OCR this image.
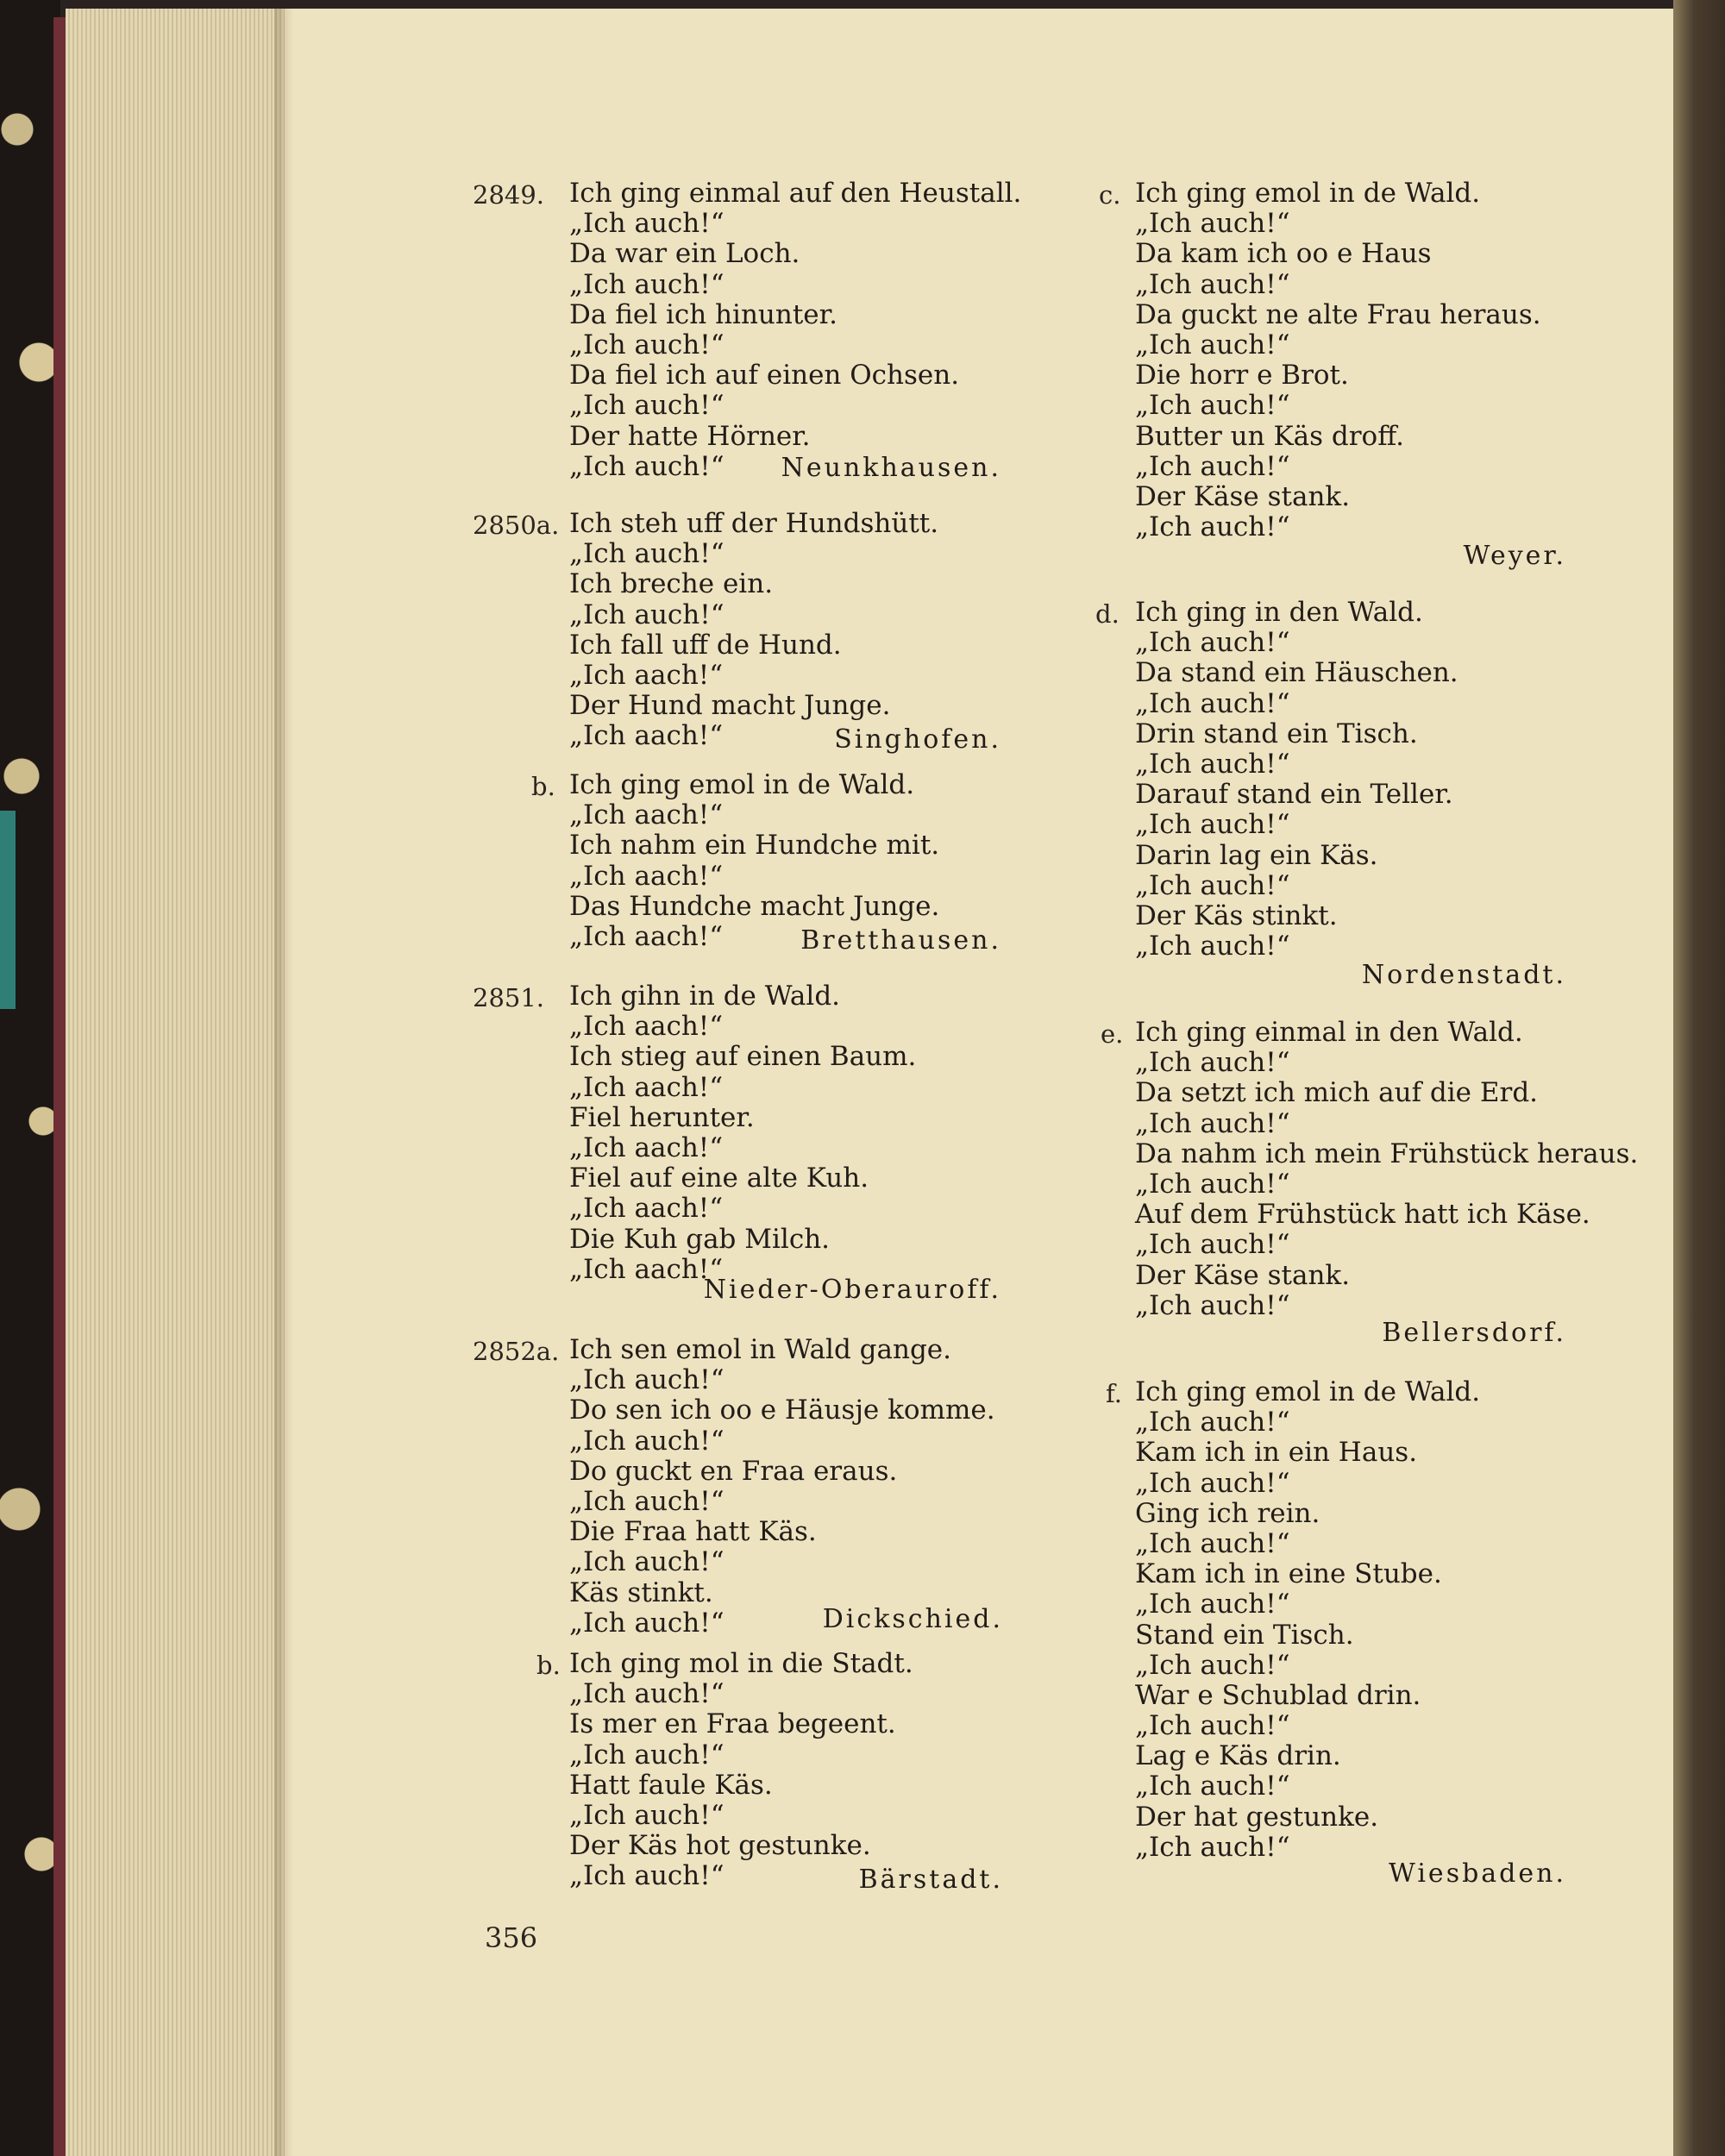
2849. Ich ging einmal auf den Heustall.
„Ich auch!“
Da war ein Loch.
„Ich auch!“
Da fiel ich hinunter.
„Ich auch!“
Da fiel ich auf einen Ochsen.
„Ich auch!“
Der hatte Hörner.
„Ich auch!“	Neunkhausen.
2850a. Ich steh uff der Hundshütt.
„Ich auch!“
Ich breche ein.
„Ich auch!“
Ich fall uff de Hund.
„Ich aach!“
Der Hund macht Junge.
„Ich aach!“	Singhofen.
b. Ich ging emol in de Wald.
„Ich aach!“
Ich nahm ein Hundche mit.
„Ich aach!“
Das Hundche macht Junge.
„Ich aach!“	Bretthausen.
2851. Ich gihn in de Wald.
„Ich aach!“
Ich stieg auf einen Baum.
„Ich aach!“
Fiel herunter.
„Ich aach!“
Fiel auf eine alte Kuh.
„Ich aach!“
Die Kuh gab Milch.
„Ich aach!“
Nieder-Oberauroff.
2852a. Ich sen emol in Wald gange.
„Ich auch!“
Do sen ich oo e Häusje komme.
„Ich auch!“
Do guckt en Fraa eraus.
„Ich auch!“
Die Fraa hatt Käs.
„Ich auch!“
Käs stinkt.
„Ich auch!“	Dickschied.
b. Ich ging mol in die Stadt.
„Ich auch!“
Is mer en Fraa begeent.
„Ich auch!“
Hatt faule Käs.
„Ich auch!“
Der Käs hot gestunke.
„Ich auch!“	Bärstadt.
c. Ich ging emol in de Wald.
„Ich auch!“
Da kam ich oo e Haus
„Ich auch!“
Da guckt ne alte Frau heraus.
„Ich auch!“
Die horr e Brot.
„Ich auch!“
Butter un Käs droff.
„Ich auch!“
Der Käse stank.
„Ich auch!“
Weyer.
d. Ich ging in den Wald.
„Ich auch!“
Da stand ein Häuschen.
„Ich auch!“
Drin stand ein Tisch.
„Ich auch!“
Darauf stand ein Teller.
„Ich auch!“
Darin lag ein Käs.
„Ich auch!“
Der Käs stinkt.
„Ich auch!“
Nordenstadt.
e. Ich ging einmal in den Wald.
„Ich auch!“
Da setzt ich mich auf die Erd.
„Ich auch!“
Da nahm ich mein Frühstück heraus.
„Ich auch!“
Auf dem Frühstück hatt ich Käse.
„Ich auch!“
Der Käse stank.
„Ich auch!“
Bellersdorf.
f. Ich ging emol in de Wald.
„Ich auch!“
Kam ich in ein Haus.
„Ich auch!“
Ging ich rein.
„Ich auch!“
Kam ich in eine Stube.
„Ich auch!“
Stand ein Tisch.
„Ich auch!“
War e Schublad drin.
„Ich auch!“
Lag e Käs drin.
„Ich auch!“
Der hat gestunke.
„Ich auch!“
Wiesbaden.
356
